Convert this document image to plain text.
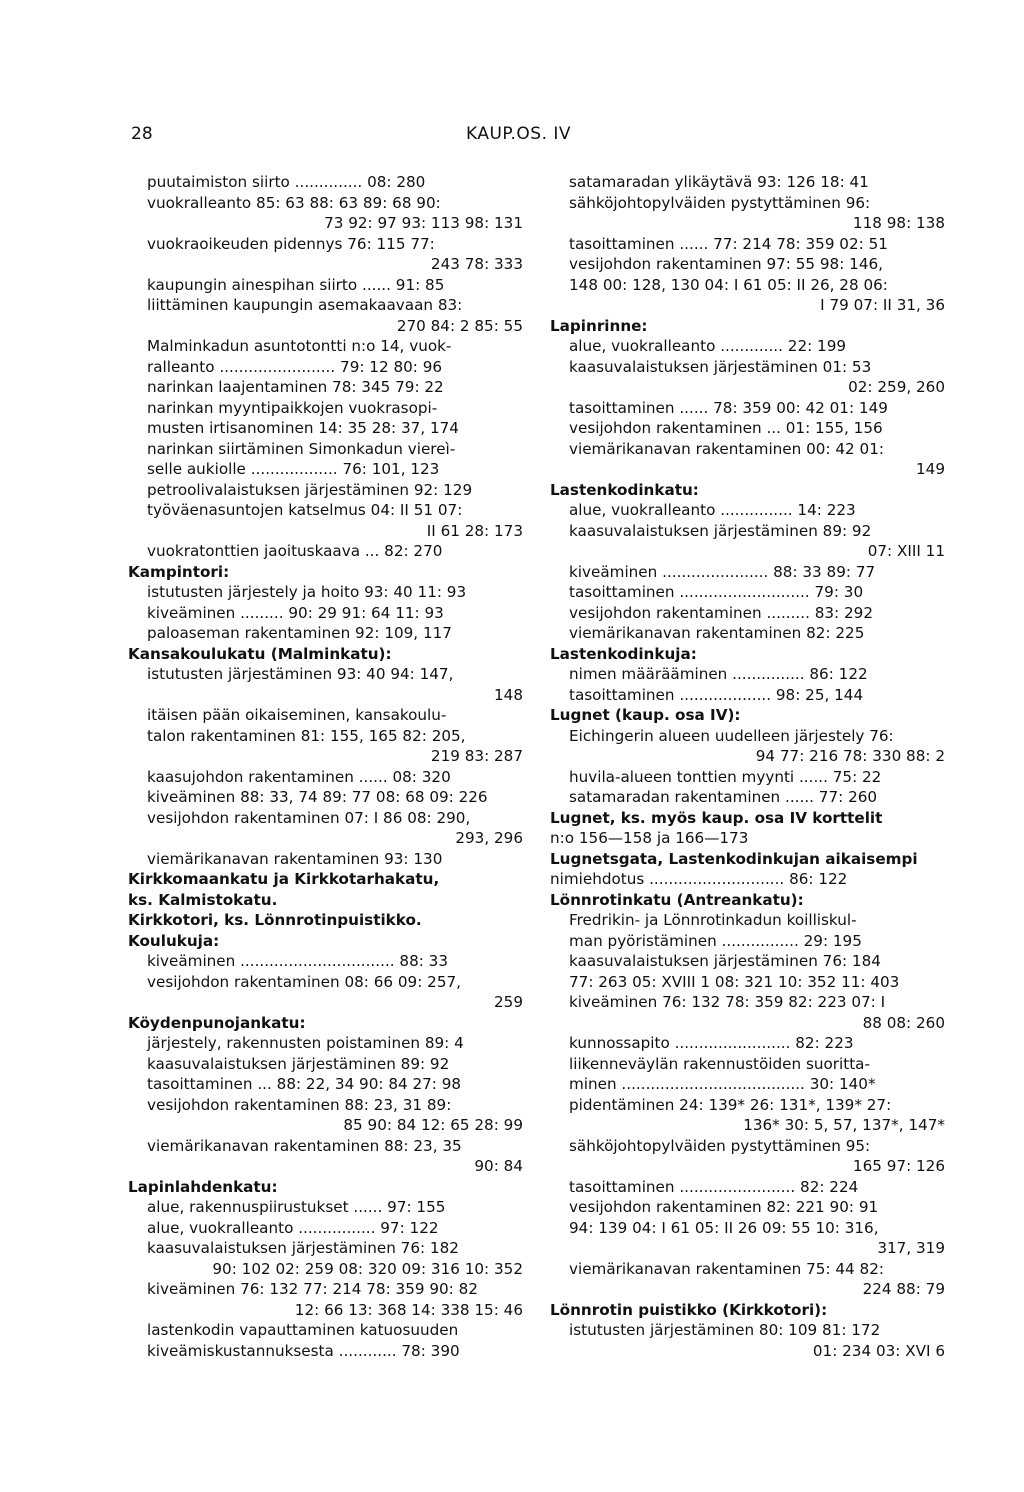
28	KAUP.OS. IV
puutaimiston siirto .............. 08: 280
vuokralleanto 85: 63 88: 63 89: 68 90:
73 92: 97 93: 113 98: 131
vuokraoikeuden pidennys 76: 115 77:
243 78: 333
kaupungin ainespihan siirto ...... 91: 85
liittäminen kaupungin asemakaavaan 83:
270 84: 2 85: 55
Malminkadun asuntotontti n:o 14, vuok-
ralleanto ........................ 79: 12 80: 96
narinkan laajentaminen 78: 345 79: 22
narinkan myyntipaikkojen vuokrasopi-
musten irtisanominen 14: 35 28: 37, 174
narinkan siirtäminen Simonkadun viereì-
selle aukiolle .................. 76: 101, 123
petroolivalaistuksen järjestäminen 92: 129
työväenasuntojen katselmus 04: II 51 07:
II 61 28: 173
vuokratonttien jaoituskaava ... 82: 270
Kampintori:
istutusten järjestely ja hoito 93: 40 11: 93
kiveäminen ......... 90: 29 91: 64 11: 93
paloaseman rakentaminen 92: 109, 117
Kansakoulukatu (Malminkatu):
istutusten järjestäminen 93: 40 94: 147,
148
itäisen pään oikaiseminen, kansakoulu-
talon rakentaminen 81: 155, 165 82: 205,
219 83: 287
kaasujohdon rakentaminen ...... 08: 320
kiveäminen 88: 33, 74 89: 77 08: 68 09: 226
vesijohdon rakentaminen 07: I 86 08: 290,
293, 296
viemärikanavan rakentaminen 93: 130
Kirkkomaankatu ja Kirkkotarhakatu,
ks. Kalmistokatu.
Kirkkotori, ks. Lönnrotinpuistikko.
Koulukuja:
kiveäminen ................................ 88: 33
vesijohdon rakentaminen 08: 66 09: 257,
259
Köydenpunojankatu:
järjestely, rakennusten poistaminen 89: 4
kaasuvalaistuksen järjestäminen 89: 92
tasoittaminen ... 88: 22, 34 90: 84 27: 98
vesijohdon rakentaminen 88: 23, 31 89:
85 90: 84 12: 65 28: 99
viemärikanavan rakentaminen 88: 23, 35
90: 84
Lapinlahdenkatu:
alue, rakennuspiirustukset ...... 97: 155
alue, vuokralleanto ................ 97: 122
kaasuvalaistuksen järjestäminen 76: 182
90: 102 02: 259 08: 320 09: 316 10: 352
kiveäminen 76: 132 77: 214 78: 359 90: 82
12: 66 13: 368 14: 338 15: 46
lastenkodin vapauttaminen katuosuuden
kiveämiskustannuksesta ............ 78: 390
satamaradan ylikäytävä 93: 126 18: 41
sähköjohtopylväiden pystyttäminen 96:
118 98: 138
tasoittaminen ...... 77: 214 78: 359 02: 51
vesijohdon rakentaminen 97: 55 98: 146,
148 00: 128, 130 04: I 61 05: II 26, 28 06:
I 79 07: II 31, 36
Lapinrinne:
alue, vuokralleanto ............. 22: 199
kaasuvalaistuksen järjestäminen 01: 53
02: 259, 260
tasoittaminen ...... 78: 359 00: 42 01: 149
vesijohdon rakentaminen ... 01: 155, 156
viemärikanavan rakentaminen 00: 42 01:
149
Lastenkodinkatu:
alue, vuokralleanto ............... 14: 223
kaasuvalaistuksen järjestäminen 89: 92
07: XIII 11
kiveäminen ...................... 88: 33 89: 77
tasoittaminen ........................... 79: 30
vesijohdon rakentaminen ......... 83: 292
viemärikanavan rakentaminen 82: 225
Lastenkodinkuja:
nimen määrääminen ............... 86: 122
tasoittaminen ................... 98: 25, 144
Lugnet (kaup. osa IV):
Eichingerin alueen uudelleen järjestely 76:
94 77: 216 78: 330 88: 2
huvila-alueen tonttien myynti ...... 75: 22
satamaradan rakentaminen ...... 77: 260
Lugnet, ks. myös kaup. osa IV korttelit
n:o 156—158 ja 166—173
Lugnetsgata, Lastenkodinkujan aikaisempi
nimiehdotus ............................ 86: 122
Lönnrotinkatu (Antreankatu):
Fredrikin- ja Lönnrotinkadun koilliskul-
man pyöristäminen ................ 29: 195
kaasuvalaistuksen järjestäminen 76: 184
77: 263 05: XVIII 1 08: 321 10: 352 11: 403
kiveäminen 76: 132 78: 359 82: 223 07: I
88 08: 260
kunnossapito ........................ 82: 223
liikenneväylän rakennustöiden suoritta-
minen ...................................... 30: 140*
pidentäminen 24: 139* 26: 131*, 139* 27:
136* 30: 5, 57, 137*, 147*
sähköjohtopylväiden pystyttäminen 95:
165 97: 126
tasoittaminen ........................ 82: 224
vesijohdon rakentaminen 82: 221 90: 91
94: 139 04: I 61 05: II 26 09: 55 10: 316,
317, 319
viemärikanavan rakentaminen 75: 44 82:
224 88: 79
Lönnrotin puistikko (Kirkkotori):
istutusten järjestäminen 80: 109 81: 172
01: 234 03: XVI 6
